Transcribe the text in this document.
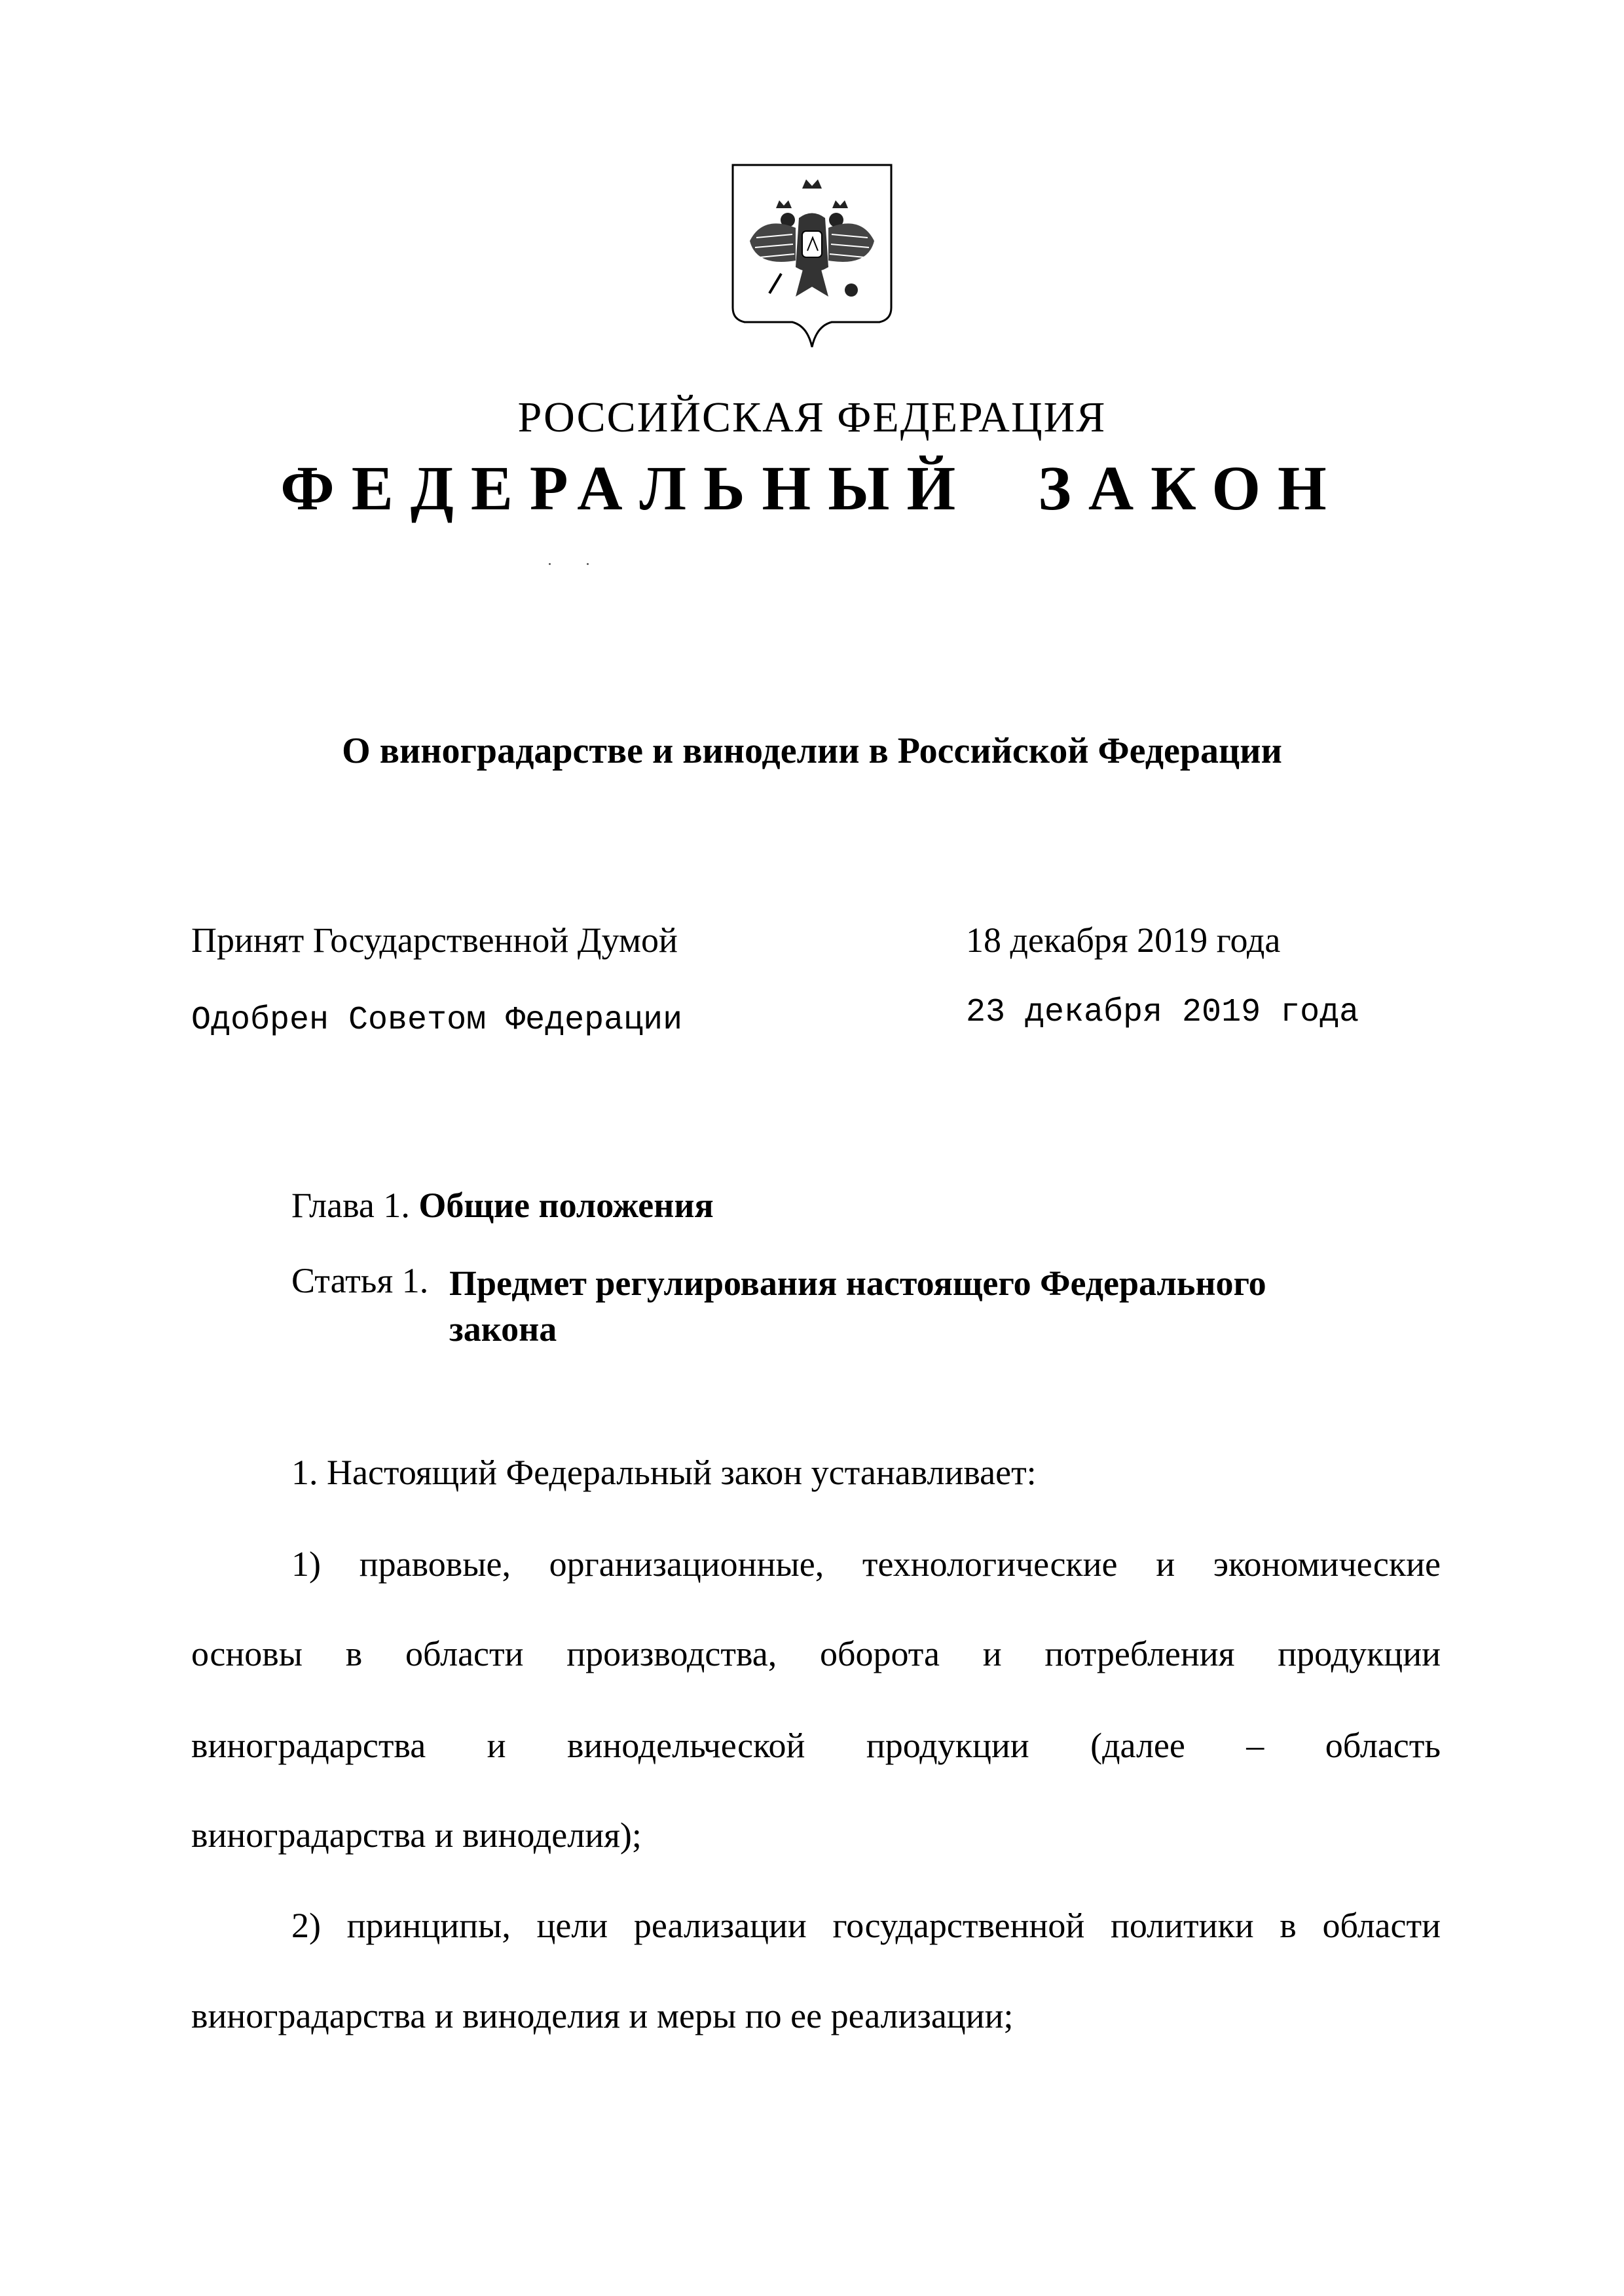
РОССИЙСКАЯ ФЕДЕРАЦИЯ
ФЕДЕРАЛЬНЫЙ  ЗАКОН
О виноградарстве и виноделии в Российской Федерации
Принят Государственной Думой	18 декабря 2019 года
Одобрен Советом Федерации	23 декабря 2019 года
Глава 1. Общие положения
Статья 1. Предмет регулирования настоящего Федерального
закона
1. Настоящий Федеральный закон устанавливает:
1) правовые, организационные, технологические и экономические
основы в области производства, оборота и потребления продукции
виноградарства и винодельческой продукции (далее – область
виноградарства и виноделия);
2) принципы, цели реализации государственной политики в области
виноградарства и виноделия и меры по ее реализации;
